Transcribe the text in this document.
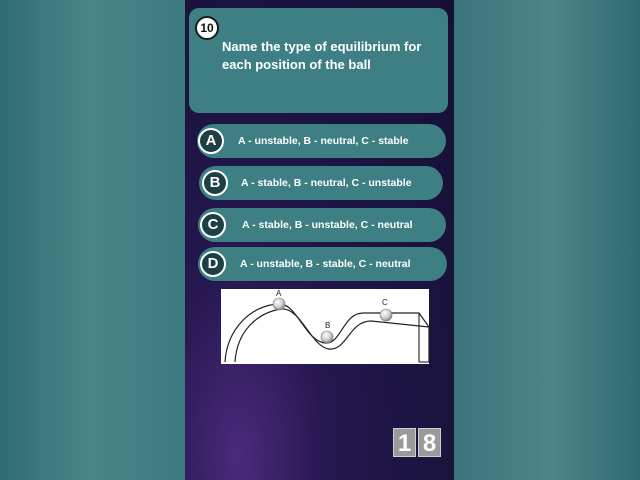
10
Name the type of equilibrium for each position of the ball
A	A - unstable, B - neutral, C - stable
B	A - stable, B - neutral, C - unstable
C	A - stable, B - unstable, C - neutral
D	A - unstable, B - stable, C - neutral
A
B
C
1 8
